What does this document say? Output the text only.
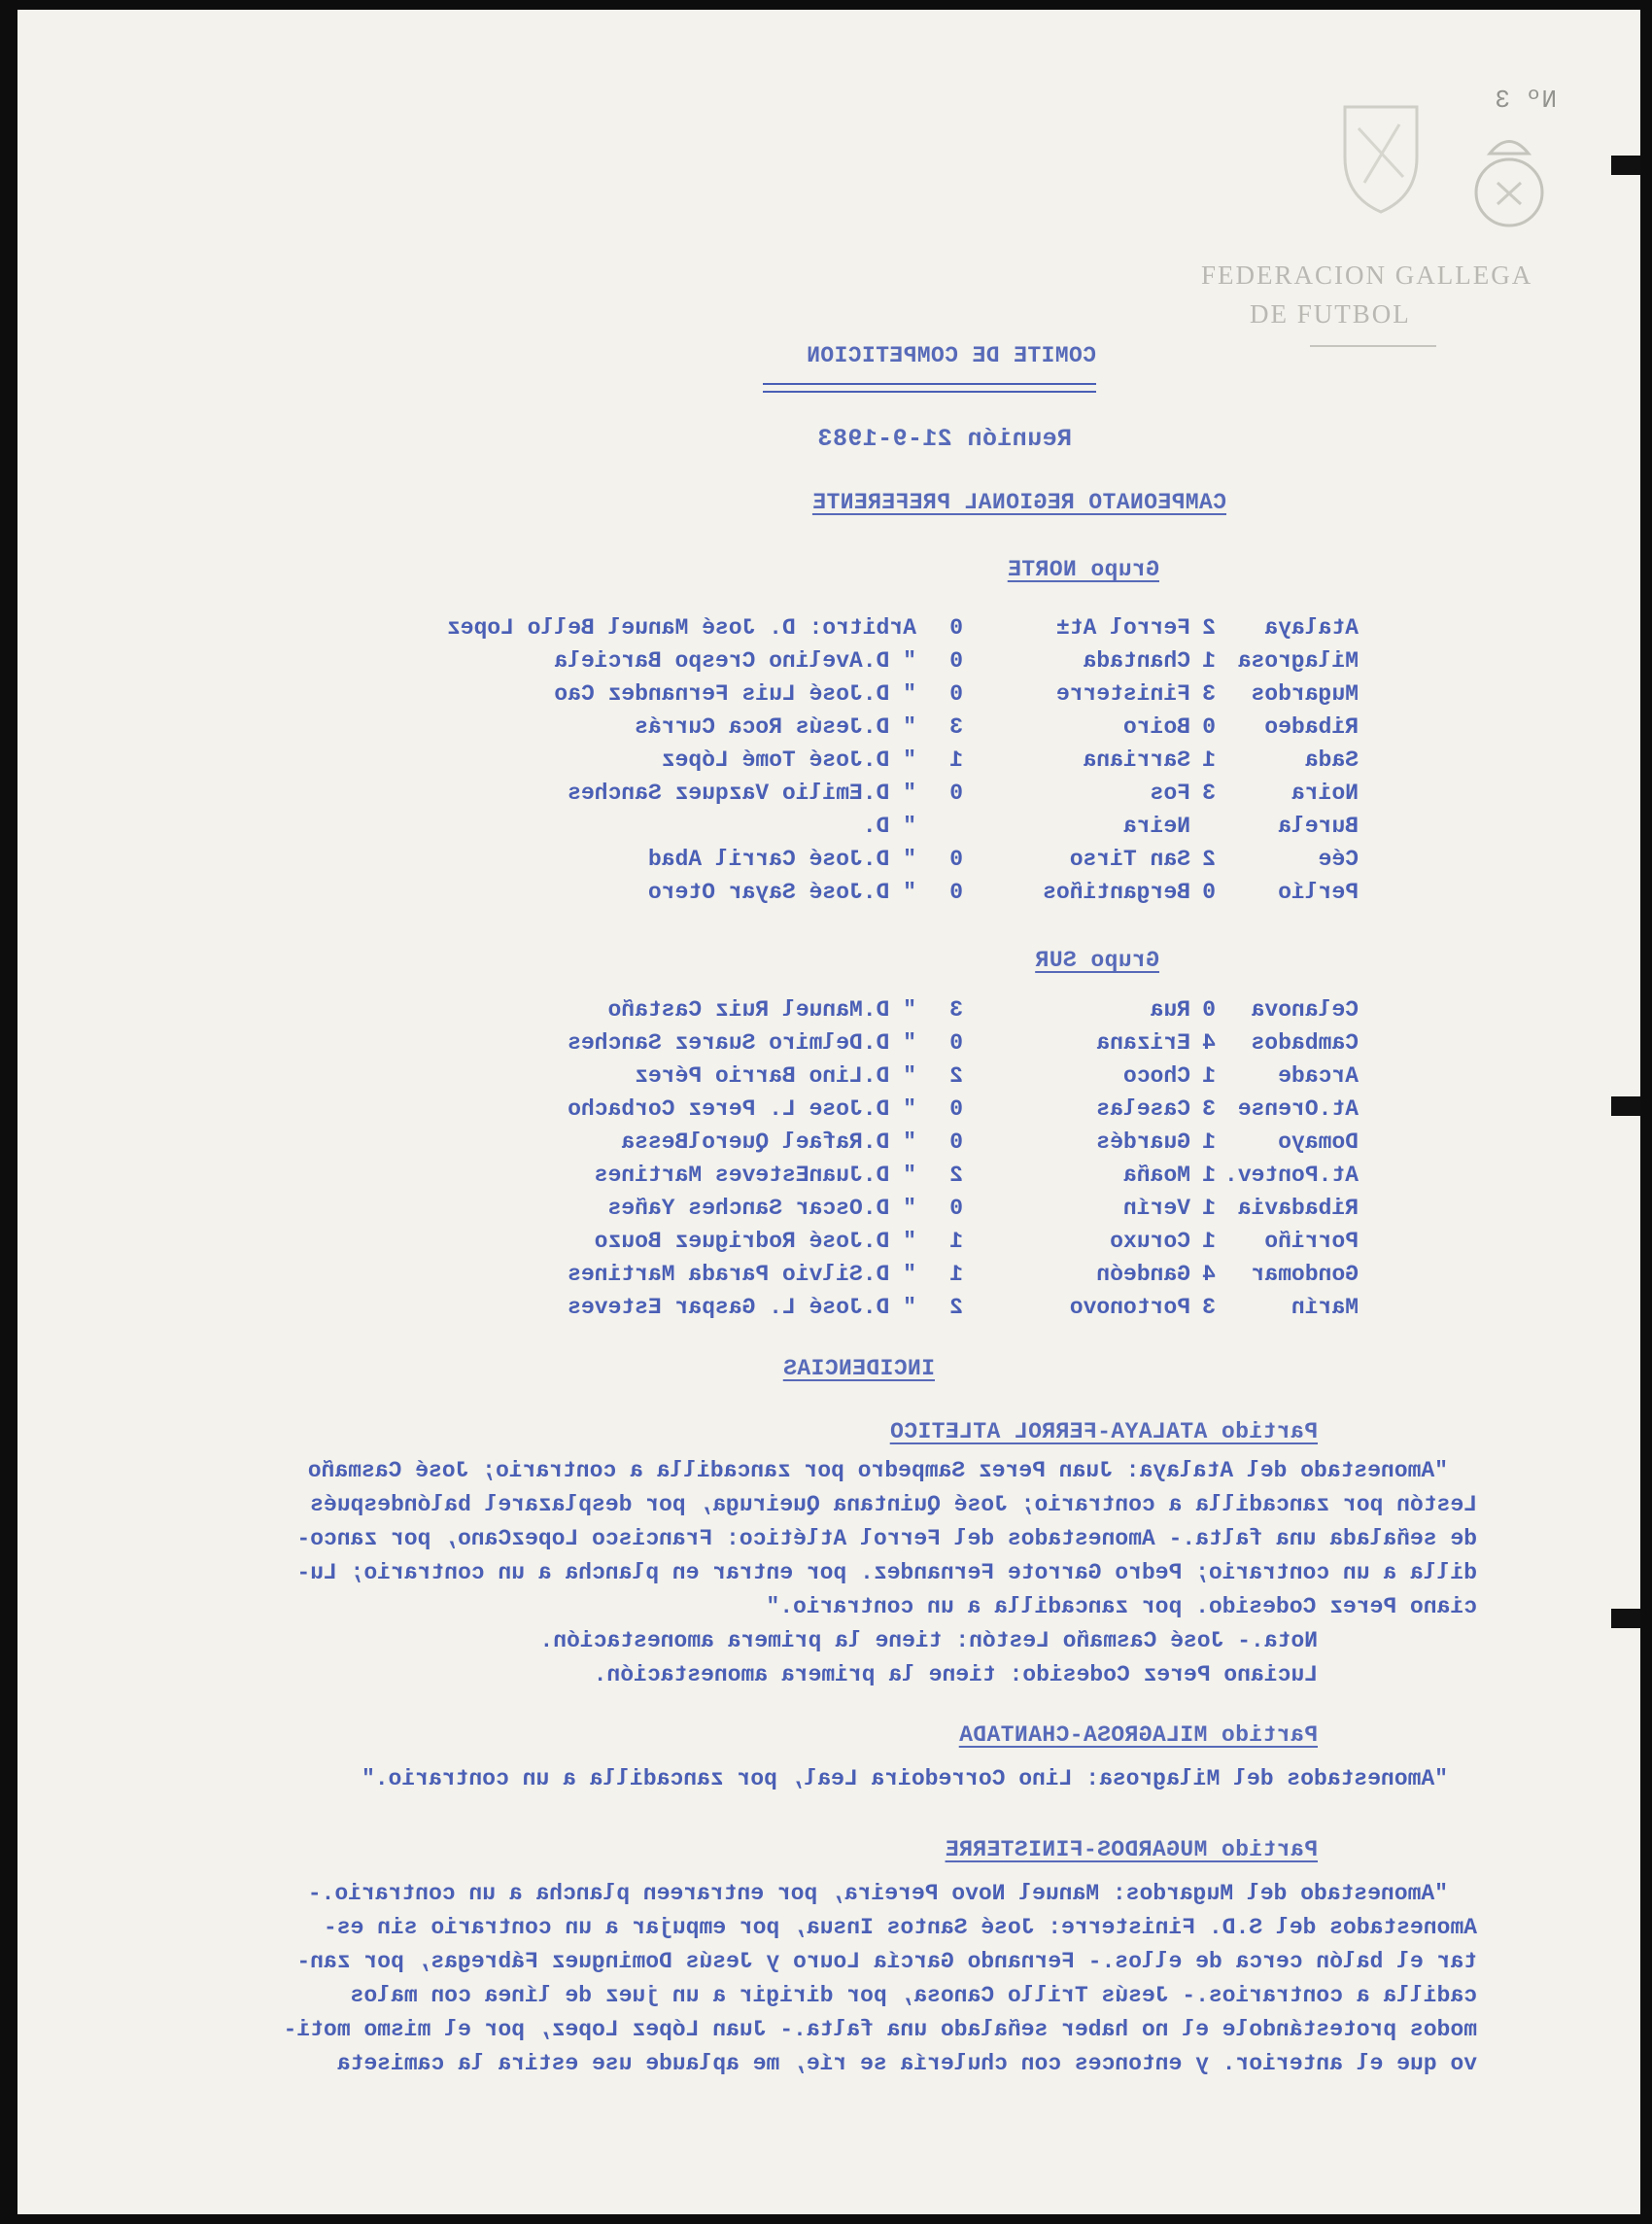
FEDERACION GALLEGA
DE FUTBOL
Nº 3
COMITE DE COMPETICION
Reunión 21-9-1983
CAMPEONATO REGIONAL PREFERENTE
Grupo NORTE
Atalaya
2
Ferrol At±
0
Arbitro: D. José Manuel Bello Lopez
Milagrosa
1
Chantada
0
" D.Avelino Crespo Barciela
Mugardos
3
Finisterre
0
" D.José Luis Fernandez Cao
Ribadeo
0
Boiro
3
" D.Jesús Roca Currás
Sada
1
Sarriana
1
" D.José Tomé López
Noira
3
Fos
0
" D.Emilio Vazquez Sanches
Burela
Neira
" D.
Cée
2
San Tirso
0
" D.José Carril Abad
Perlío
0
Bergantiños
0
" D.José Sayar Otero
Grupo SUR
Celanova
0
Rua
3
" D.Manuel Ruiz Castaño
Cambados
4
Erizana
0
" D.Delmiro Suarez Sanches
Arcade
1
Choco
2
" D.Lino Barrio Pérez
At.Orense
3
Caselas
0
" D.Jose L. Perez Corbacho
Domayo
1
Guardés
0
" D.Rafael QuerolBessa
At.Pontev.
1
Moaña
2
" D.JuanEsteves Martines
Ribadavia
1
Verín
0
" D.Oscar Sanches Yañes
Porriño
1
Coruxo
1
" D.José Rodriguez Bouzo
Gondomar
4
Gandeón
1
" D.Silvio Parada Martines
Marín
3
Portonovo
2
" D.José L. Gaspar Esteves
INCIDENCIAS
Partido ATALAYA-FERROL ATLETICO
"Amonestado del Atalaya: Juan Perez Sampedro por zancadilla a contrario; José Casmaño
Lestón por zancadilla a contrario; José Quintana Queiruga, por desplazarel balóndespués
de señalada una falta.- Amonestados del Ferrol Atlético: Francisco LopezCano, por zanco-
dilla a un contrario; Pedro Garrote Fernandez. por entrar en plancha a un contrario; Lu-
ciano Perez Codesido. por zancadilla a un contrario."
Nota.- José Casmaño Lestón: tiene la primera amonestación.
Luciano Perez Codesido: tiene la primera amonestación.
Partido MILAGROSA-CHANTADA
"Amonestados del Milagrosa: Lino Corredoira Leal, por zancadilla a un contrario."
Partido MUGARDOS-FINISTERRE
"Amonestado del Mugardos: Manuel Novo Pereira, por entrareen plancha a un contrario.-
Amonestados del S.D. Finisterre: José Santos Insua, por empujar a un contrario sin es-
tar el balón cerca de ellos.- Fernando García Louro y Jesús Dominguez Fábregas, por zan-
cadilla a contrarios.- Jesús Trillo Canosa, por dirigir a un juez de línea con malos
modos protestándole el no haber señalado una falta.- Juan López Lopez, por el mismo moti-
vo que el anterior. y entonces con chulería se ríe, me aplaude use estira la camiseta
